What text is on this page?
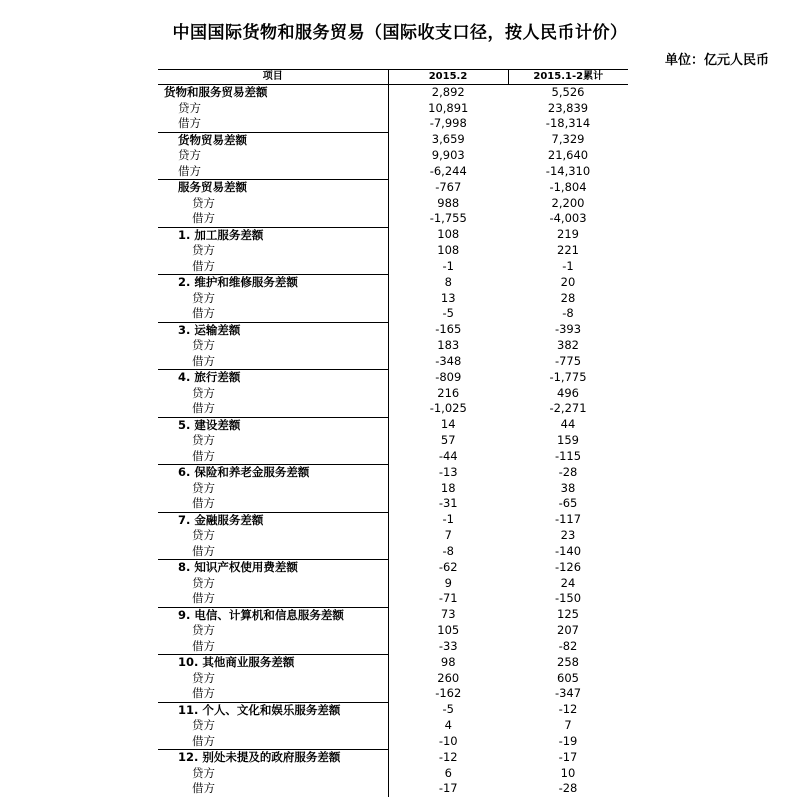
中国国际货物和服务贸易（国际收支口径，按人民币计价）
单位：亿元人民币
项目	2015.2	2015.1-2累计
货物和服务贸易差额	2,892	5,526
贷方	10,891	23,839
借方	-7,998	-18,314
货物贸易差额	3,659	7,329
贷方	9,903	21,640
借方	-6,244	-14,310
服务贸易差额	-767	-1,804
贷方	988	2,200
借方	-1,755	-4,003
1. 加工服务差额	108	219
贷方	108	221
借方	-1	-1
2. 维护和维修服务差额	8	20
贷方	13	28
借方	-5	-8
3. 运输差额	-165	-393
贷方	183	382
借方	-348	-775
4. 旅行差额	-809	-1,775
贷方	216	496
借方	-1,025	-2,271
5. 建设差额	14	44
贷方	57	159
借方	-44	-115
6. 保险和养老金服务差额	-13	-28
贷方	18	38
借方	-31	-65
7. 金融服务差额	-1	-117
贷方	7	23
借方	-8	-140
8. 知识产权使用费差额	-62	-126
贷方	9	24
借方	-71	-150
9. 电信、计算机和信息服务差额	73	125
贷方	105	207
借方	-33	-82
10. 其他商业服务差额	98	258
贷方	260	605
借方	-162	-347
11. 个人、文化和娱乐服务差额	-5	-12
贷方	4	7
借方	-10	-19
12. 别处未提及的政府服务差额	-12	-17
贷方	6	10
借方	-17	-28
